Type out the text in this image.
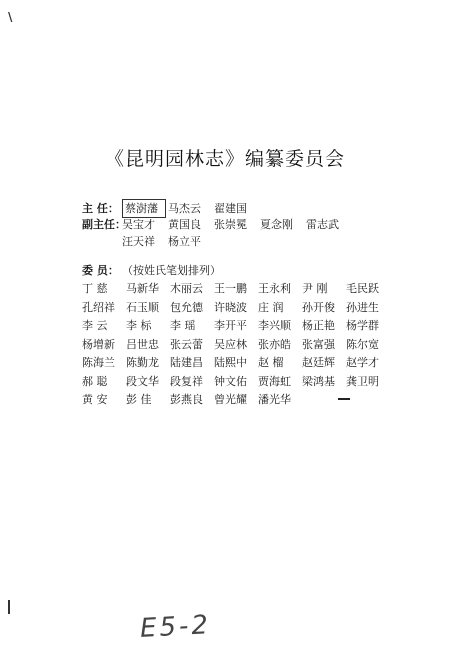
\
《昆明园林志》编纂委员会
主 任： 蔡澍藩 马杰云 翟建国
副主任：吴宝才 黄国良 张崇冕 夏念刚 雷志武
汪天祥 杨立平
委 员： （按姓氏笔划排列）
丁 慈 马新华 木丽云 王一鹏 王永利 尹 刚 毛民跃
孔绍祥 石玉顺 包允德 许晓波 庄 润 孙开俊 孙进生
李 云 李 标 李 瑶 李开平 李兴顺 杨正艳 杨学群
杨增新 吕世忠 张云蕾 吴应林 张亦皓 张富强 陈尔宽
陈海兰 陈勤龙 陆建昌 陆熙中 赵 榴 赵廷辉 赵学才
郝 聪 段文华 段复祥 钟文佑 贾海虹 梁鸿基 龚卫明
黄 安 彭 佳 彭燕良 曾光耀 潘光华
E5-2
